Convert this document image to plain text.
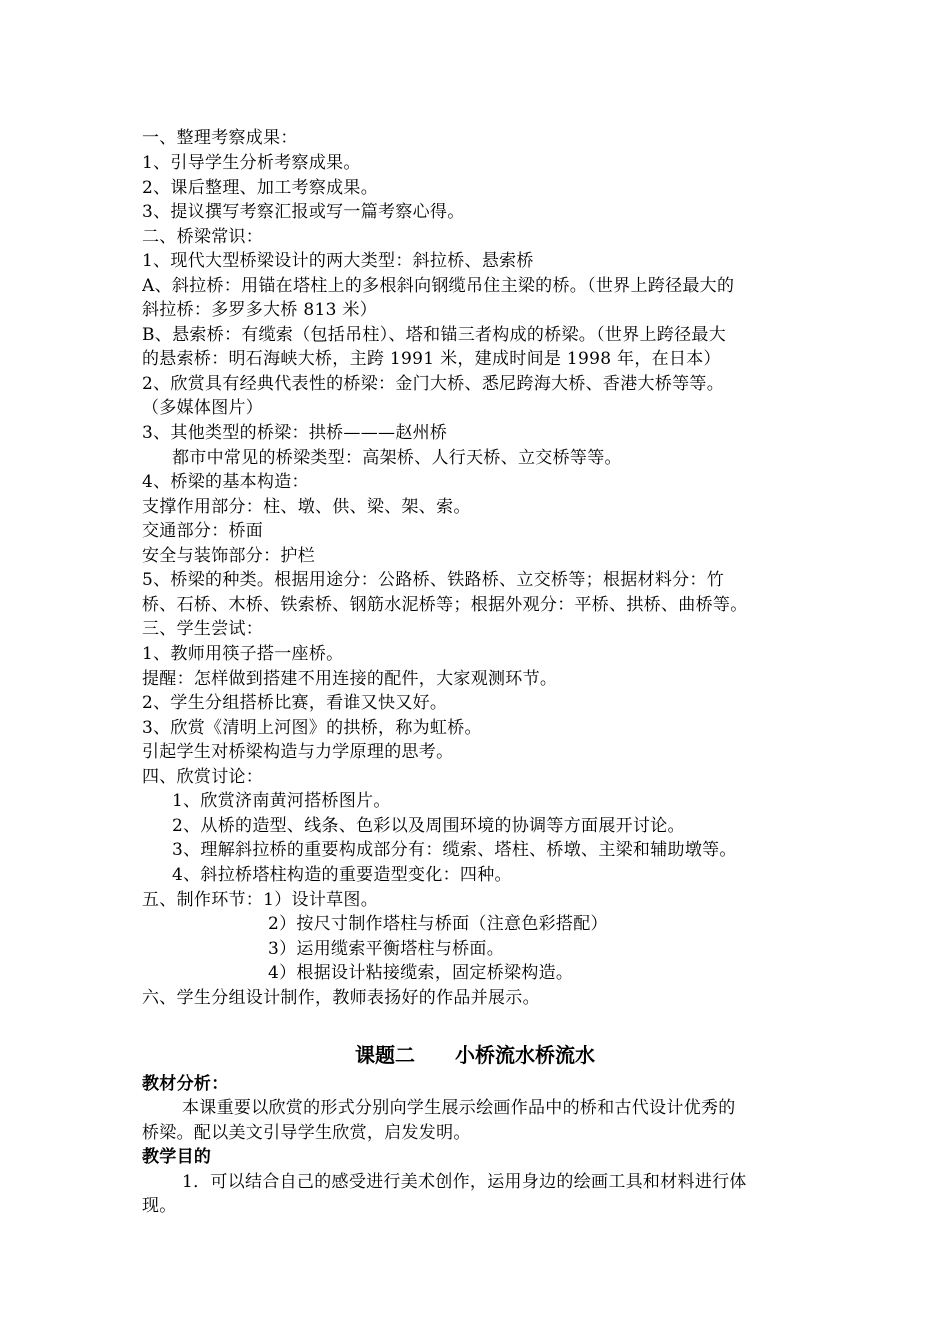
一、整理考察成果：
1、引导学生分析考察成果。
2、课后整理、加工考察成果。
3、提议撰写考察汇报或写一篇考察心得。
二、桥梁常识：
1、现代大型桥梁设计的两大类型：斜拉桥、悬索桥
A、斜拉桥：用锚在塔柱上的多根斜向钢缆吊住主梁的桥。（世界上跨径最大的
斜拉桥：多罗多大桥 813 米）
B、悬索桥：有缆索（包括吊柱）、塔和锚三者构成的桥梁。（世界上跨径最大
的悬索桥：明石海峡大桥，主跨 1991 米，建成时间是 1998 年，在日本）
2、欣赏具有经典代表性的桥梁：金门大桥、悉尼跨海大桥、香港大桥等等。
（多媒体图片）
3、其他类型的桥梁：拱桥———赵州桥
都市中常见的桥梁类型：高架桥、人行天桥、立交桥等等。
4、桥梁的基本构造：
支撑作用部分：柱、墩、供、梁、架、索。
交通部分：桥面
安全与装饰部分：护栏
5、桥梁的种类。根据用途分：公路桥、铁路桥、立交桥等；根据材料分：竹
桥、石桥、木桥、铁索桥、钢筋水泥桥等；根据外观分：平桥、拱桥、曲桥等。
三、学生尝试：
1、教师用筷子搭一座桥。
提醒：怎样做到搭建不用连接的配件，大家观测环节。
2、学生分组搭桥比赛，看谁又快又好。
3、欣赏《清明上河图》的拱桥，称为虹桥。
引起学生对桥梁构造与力学原理的思考。
四、欣赏讨论：
1、欣赏济南黄河搭桥图片。
2、从桥的造型、线条、色彩以及周围环境的协调等方面展开讨论。
3、理解斜拉桥的重要构成部分有：缆索、塔柱、桥墩、主梁和辅助墩等。
4、斜拉桥塔柱构造的重要造型变化：四种。
五、制作环节：1）设计草图。
2）按尺寸制作塔柱与桥面（注意色彩搭配）
3）运用缆索平衡塔柱与桥面。
4）根据设计粘接缆索，固定桥梁构造。
六、学生分组设计制作，教师表扬好的作品并展示。
课题二　　小桥流水桥流水
教材分析：
本课重要以欣赏的形式分别向学生展示绘画作品中的桥和古代设计优秀的
桥梁。配以美文引导学生欣赏，启发发明。
教学目的
1．可以结合自己的感受进行美术创作，运用身边的绘画工具和材料进行体
现。
